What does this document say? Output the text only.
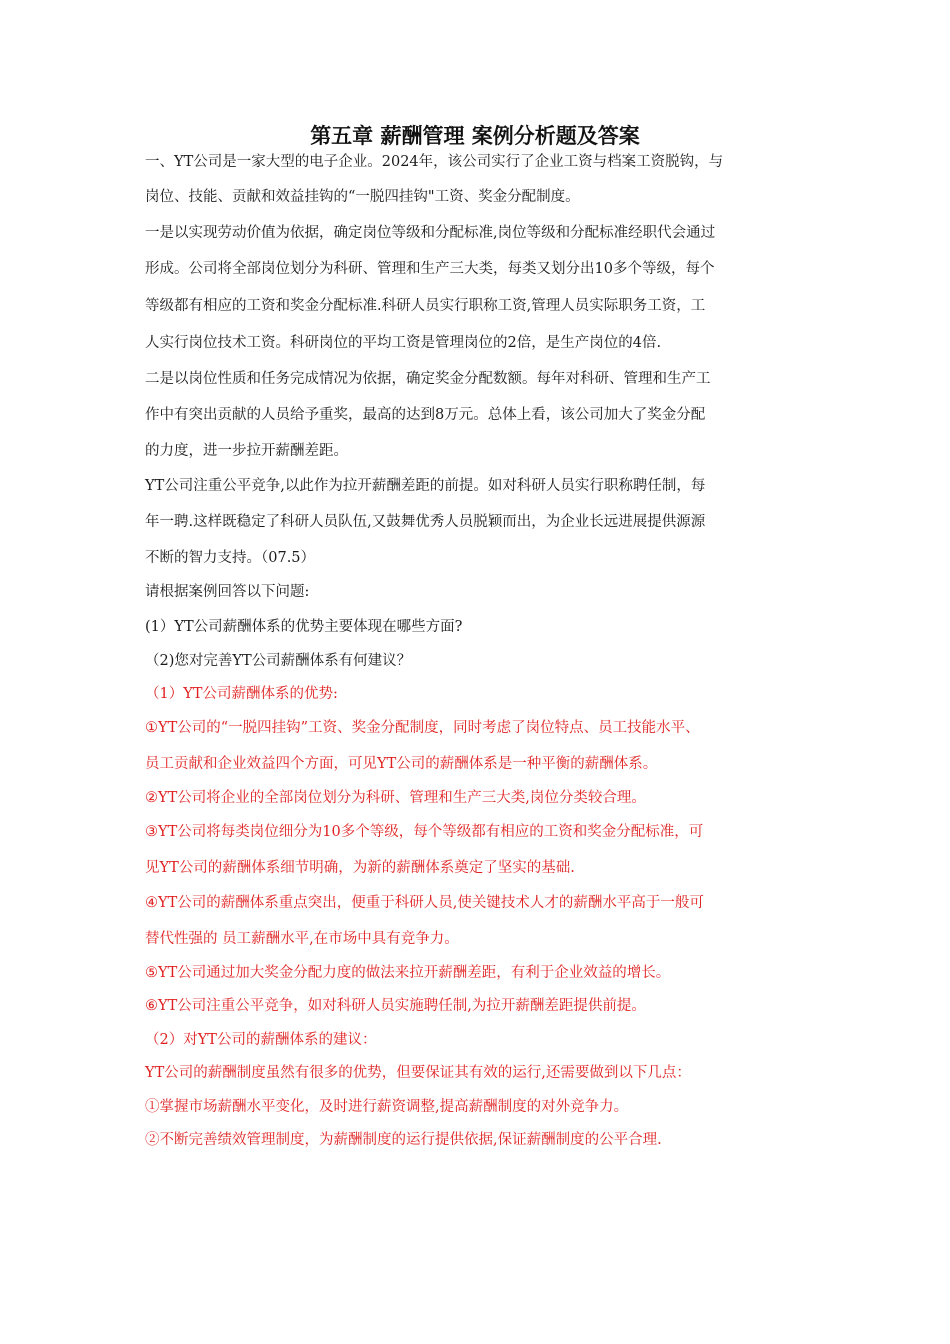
第五章 薪酬管理 案例分析题及答案
一、YT公司是一家大型的电子企业。2024年，该公司实行了企业工资与档案工资脱钩，与
岗位、技能、贡献和效益挂钩的“一脱四挂钩"工资、奖金分配制度。
一是以实现劳动价值为依据，确定岗位等级和分配标准,岗位等级和分配标准经职代会通过
形成。公司将全部岗位划分为科研、管理和生产三大类，每类又划分出10多个等级，每个
等级都有相应的工资和奖金分配标准.科研人员实行职称工资,管理人员实际职务工资，工
人实行岗位技术工资。科研岗位的平均工资是管理岗位的2倍，是生产岗位的4倍.
二是以岗位性质和任务完成情况为依据，确定奖金分配数额。每年对科研、管理和生产工
作中有突出贡献的人员给予重奖，最高的达到8万元。总体上看，该公司加大了奖金分配
的力度，进一步拉开薪酬差距。
YT公司注重公平竞争,以此作为拉开薪酬差距的前提。如对科研人员实行职称聘任制，每
年一聘.这样既稳定了科研人员队伍,又鼓舞优秀人员脱颖而出，为企业长远进展提供源源
不断的智力支持。（07.5）
请根据案例回答以下问题:
(1）YT公司薪酬体系的优势主要体现在哪些方面?
（2)您对完善YT公司薪酬体系有何建议？
（1）YT公司薪酬体系的优势:
①YT公司的“一脱四挂钩”工资、奖金分配制度，同时考虑了岗位特点、员工技能水平、
员工贡献和企业效益四个方面，可见YT公司的薪酬体系是一种平衡的薪酬体系。
②YT公司将企业的全部岗位划分为科研、管理和生产三大类,岗位分类较合理。
③YT公司将每类岗位细分为10多个等级，每个等级都有相应的工资和奖金分配标准，可
见YT公司的薪酬体系细节明确，为新的薪酬体系奠定了坚实的基础.
④YT公司的薪酬体系重点突出，便重于科研人员,使关键技术人才的薪酬水平高于一般可
替代性强的 员工薪酬水平,在市场中具有竞争力。
⑤YT公司通过加大奖金分配力度的做法来拉开薪酬差距，有利于企业效益的增长。
⑥YT公司注重公平竞争，如对科研人员实施聘任制,为拉开薪酬差距提供前提。
（2）对YT公司的薪酬体系的建议：
YT公司的薪酬制度虽然有很多的优势，但要保证其有效的运行,还需要做到以下几点：
①掌握市场薪酬水平变化，及时进行薪资调整,提高薪酬制度的对外竞争力。
②不断完善绩效管理制度，为薪酬制度的运行提供依据,保证薪酬制度的公平合理.
